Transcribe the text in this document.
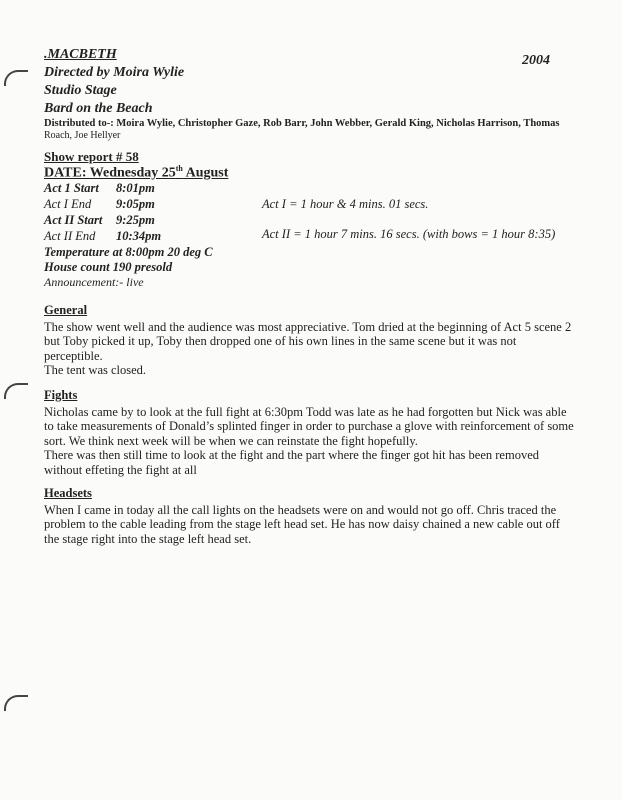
.MACBETH	2004
Directed by Moira Wylie
Studio Stage
Bard on the Beach
Distributed to-: Moira Wylie, Christopher Gaze, Rob Barr, John Webber, Gerald King, Nicholas Harrison, Thomas
Roach, Joe Hellyer
Show report # 58
DATE: Wednesday 25th August
Act 1 Start	8:01pm
Act I End	9:05pm
Act II Start	9:25pm
Act II End	10:34pm
Act I = 1 hour & 4 mins. 01 secs.
Act II = 1 hour 7 mins. 16 secs. (with bows = 1 hour 8:35)
Temperature at 8:00pm 20 deg C
House count 190 presold
Announcement:- live
General
The show went well and the audience was most appreciative. Tom dried at the beginning of Act 5 scene 2 but Toby picked it up, Toby then dropped one of his own lines in the same scene but it was not perceptible.
The tent was closed.
Fights
Nicholas came by to look at the full fight at 6:30pm Todd was late as he had forgotten but Nick was able to take measurements of Donald’s splinted finger in order to purchase a glove with reinforcement of some sort. We think next week will be when we can reinstate the fight hopefully.
There was then still time to look at the fight and the part where the finger got hit has been removed without effeting the fight at all
Headsets
When I came in today all the call lights on the headsets were on and would not go off. Chris traced the problem to the cable leading from the stage left head set. He has now daisy chained a new cable out off the stage right into the stage left head set.
